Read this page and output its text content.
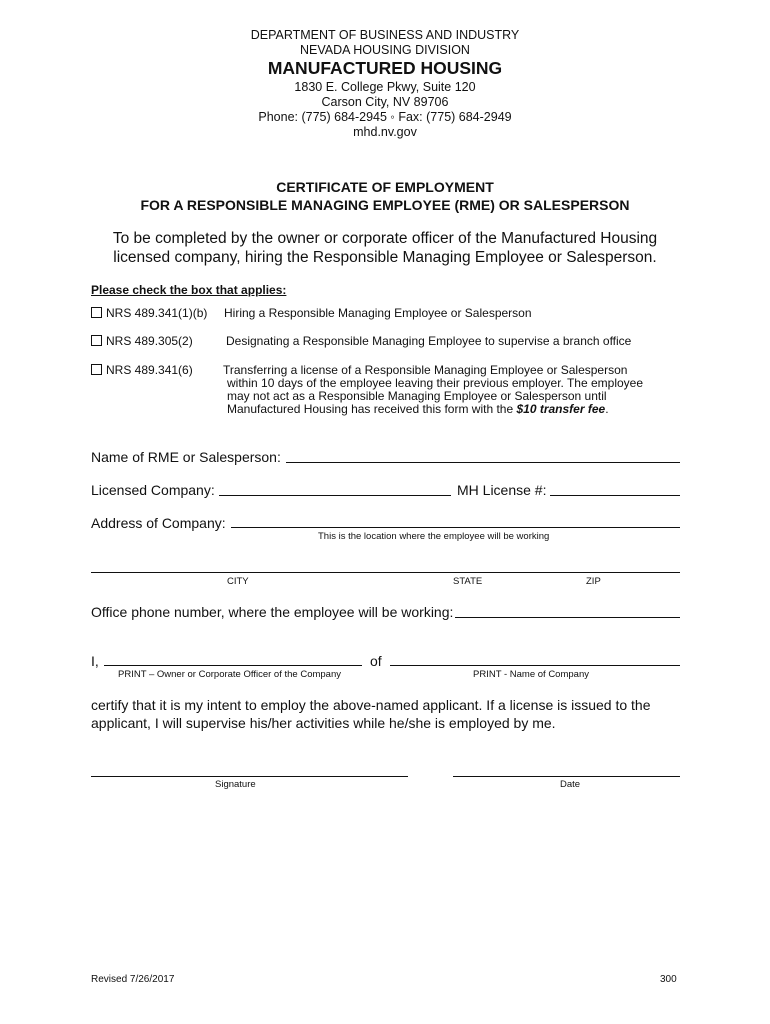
DEPARTMENT OF BUSINESS AND INDUSTRY
NEVADA HOUSING DIVISION
MANUFACTURED HOUSING
1830 E. College Pkwy, Suite 120
Carson City, NV 89706
Phone: (775) 684-2945 ◦ Fax: (775) 684-2949
mhd.nv.gov
CERTIFICATE OF EMPLOYMENT
FOR A RESPONSIBLE MANAGING EMPLOYEE (RME) OR SALESPERSON
To be completed by the owner or corporate officer of the Manufactured Housing
licensed company, hiring the Responsible Managing Employee or Salesperson.
Please check the box that applies:
NRS 489.341(1)(b) Hiring a Responsible Managing Employee or Salesperson
NRS 489.305(2)	Designating a Responsible Managing Employee to supervise a branch office
NRS 489.341(6)	Transferring a license of a Responsible Managing Employee or Salesperson
within 10 days of the employee leaving their previous employer. The employee
may not act as a Responsible Managing Employee or Salesperson until
Manufactured Housing has received this form with the $10 transfer fee.
Name of RME or Salesperson:
Licensed Company:	MH License #:
Address of Company:
This is the location where the employee will be working
CITY	STATE	ZIP
Office phone number, where the employee will be working:
I,	of
PRINT – Owner or Corporate Officer of the Company	PRINT - Name of Company
certify that it is my intent to employ the above-named applicant. If a license is issued to the
applicant, I will supervise his/her activities while he/she is employed by me.
Signature	Date
Revised 7/26/2017	300
